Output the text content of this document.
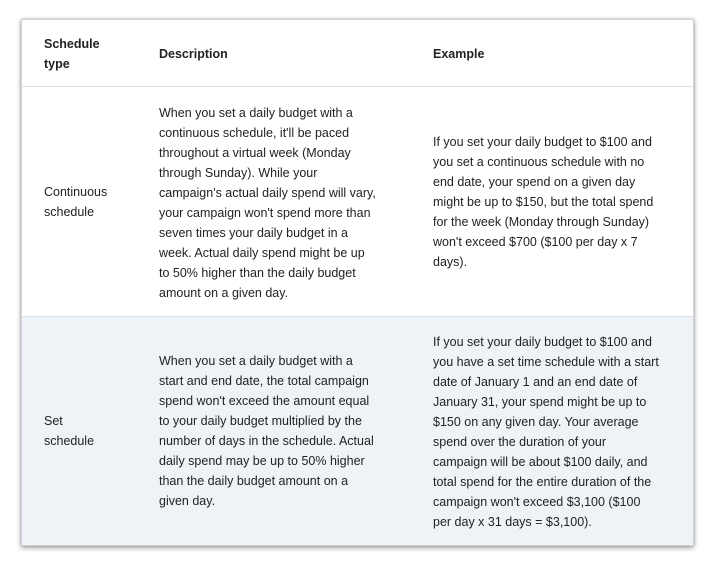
Schedule
type

Description	Example

Continuous
schedule

When you set a daily budget with a
continuous schedule, it'll be paced
throughout a virtual week (Monday
through Sunday). While your
campaign's actual daily spend will vary,
your campaign won't spend more than
seven times your daily budget in a
week. Actual daily spend might be up
to 50% higher than the daily budget
amount on a given day.

If you set your daily budget to $100 and
you set a continuous schedule with no
end date, your spend on a given day
might be up to $150, but the total spend
for the week (Monday through Sunday)
won't exceed $700 ($100 per day x 7
days).

Set
schedule

When you set a daily budget with a
start and end date, the total campaign
spend won't exceed the amount equal
to your daily budget multiplied by the
number of days in the schedule. Actual
daily spend may be up to 50% higher
than the daily budget amount on a
given day.

If you set your daily budget to $100 and
you have a set time schedule with a start
date of January 1 and an end date of
January 31, your spend might be up to
$150 on any given day. Your average
spend over the duration of your
campaign will be about $100 daily, and
total spend for the entire duration of the
campaign won't exceed $3,100 ($100
per day x 31 days = $3,100).
